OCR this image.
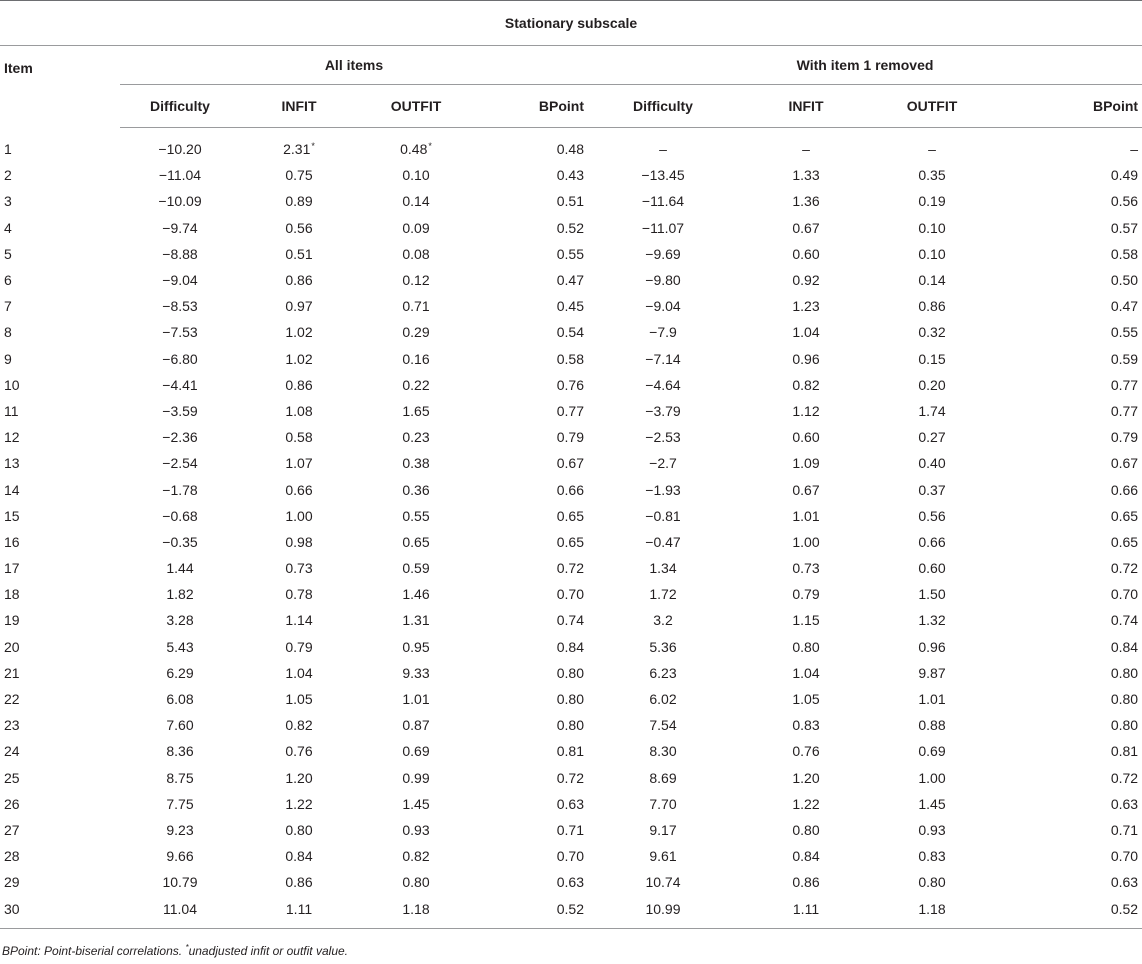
Stationary subscale								
Item	All items				With item 1 removed			
	Difficulty	INFIT	OUTFIT	BPoint	Difficulty	INFIT	OUTFIT	BPoint
1	−10.20	2.31*	0.48*	0.48	–	–	–	–
2	−11.04	0.75	0.10	0.43	−13.45	1.33	0.35	0.49
3	−10.09	0.89	0.14	0.51	−11.64	1.36	0.19	0.56
4	−9.74	0.56	0.09	0.52	−11.07	0.67	0.10	0.57
5	−8.88	0.51	0.08	0.55	−9.69	0.60	0.10	0.58
6	−9.04	0.86	0.12	0.47	−9.80	0.92	0.14	0.50
7	−8.53	0.97	0.71	0.45	−9.04	1.23	0.86	0.47
8	−7.53	1.02	0.29	0.54	−7.9	1.04	0.32	0.55
9	−6.80	1.02	0.16	0.58	−7.14	0.96	0.15	0.59
10	−4.41	0.86	0.22	0.76	−4.64	0.82	0.20	0.77
11	−3.59	1.08	1.65	0.77	−3.79	1.12	1.74	0.77
12	−2.36	0.58	0.23	0.79	−2.53	0.60	0.27	0.79
13	−2.54	1.07	0.38	0.67	−2.7	1.09	0.40	0.67
14	−1.78	0.66	0.36	0.66	−1.93	0.67	0.37	0.66
15	−0.68	1.00	0.55	0.65	−0.81	1.01	0.56	0.65
16	−0.35	0.98	0.65	0.65	−0.47	1.00	0.66	0.65
17	1.44	0.73	0.59	0.72	1.34	0.73	0.60	0.72
18	1.82	0.78	1.46	0.70	1.72	0.79	1.50	0.70
19	3.28	1.14	1.31	0.74	3.2	1.15	1.32	0.74
20	5.43	0.79	0.95	0.84	5.36	0.80	0.96	0.84
21	6.29	1.04	9.33	0.80	6.23	1.04	9.87	0.80
22	6.08	1.05	1.01	0.80	6.02	1.05	1.01	0.80
23	7.60	0.82	0.87	0.80	7.54	0.83	0.88	0.80
24	8.36	0.76	0.69	0.81	8.30	0.76	0.69	0.81
25	8.75	1.20	0.99	0.72	8.69	1.20	1.00	0.72
26	7.75	1.22	1.45	0.63	7.70	1.22	1.45	0.63
27	9.23	0.80	0.93	0.71	9.17	0.80	0.93	0.71
28	9.66	0.84	0.82	0.70	9.61	0.84	0.83	0.70
29	10.79	0.86	0.80	0.63	10.74	0.86	0.80	0.63
30	11.04	1.11	1.18	0.52	10.99	1.11	1.18	0.52
BPoint: Point-biserial correlations. *unadjusted infit or outfit value.
